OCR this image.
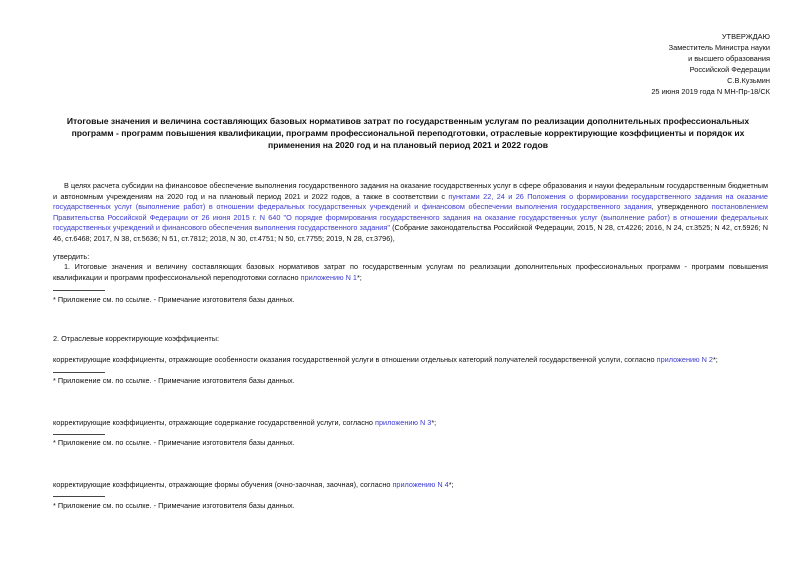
УТВЕРЖДАЮ
Заместитель Министра науки
и высшего образования
Российской Федерации
С.В.Кузьмин
25 июня 2019 года N МН-Пр-18/СК
Итоговые значения и величина составляющих базовых нормативов затрат по государственным услугам по реализации дополнительных профессиональных программ - программ повышения квалификации, программ профессиональной переподготовки, отраслевые корректирующие коэффициенты и порядок их применения на 2020 год и на плановый период 2021 и 2022 годов
В целях расчета субсидии на финансовое обеспечение выполнения государственного задания на оказание государственных услуг в сфере образования и науки федеральным государственным бюджетным и автономным учреждениям на 2020 год и на плановый период 2021 и 2022 годов, а также в соответствии с пунктами 22, 24 и 26 Положения о формировании государственного задания на оказание государственных услуг (выполнение работ) в отношении федеральных государственных учреждений и финансовом обеспечении выполнения государственного задания, утвержденного постановлением Правительства Российской Федерации от 26 июня 2015 г. N 640 "О порядке формирования государственного задания на оказание государственных услуг (выполнение работ) в отношении федеральных государственных учреждений и финансового обеспечения выполнения государственного задания" (Собрание законодательства Российской Федерации, 2015, N 28, ст.4226; 2016, N 24, ст.3525; N 42, ст.5926; N 46, ст.6468; 2017, N 38, ст.5636; N 51, ст.7812; 2018, N 30, ст.4751; N 50, ст.7755; 2019, N 28, ст.3796),
утвердить:
1. Итоговые значения и величину составляющих базовых нормативов затрат по государственным услугам по реализации дополнительных профессиональных программ - программ повышения квалификации и программ профессиональной переподготовки согласно приложению N 1*;
* Приложение см. по ссылке. - Примечание изготовителя базы данных.
2. Отраслевые корректирующие коэффициенты:
корректирующие коэффициенты, отражающие особенности оказания государственной услуги в отношении отдельных категорий получателей государственной услуги, согласно приложению N 2*;
* Приложение см. по ссылке. - Примечание изготовителя базы данных.
корректирующие коэффициенты, отражающие содержание государственной услуги, согласно приложению N 3*;
* Приложение см. по ссылке. - Примечание изготовителя базы данных.
корректирующие коэффициенты, отражающие формы обучения (очно-заочная, заочная), согласно приложению N 4*;
* Приложение см. по ссылке. - Примечание изготовителя базы данных.
